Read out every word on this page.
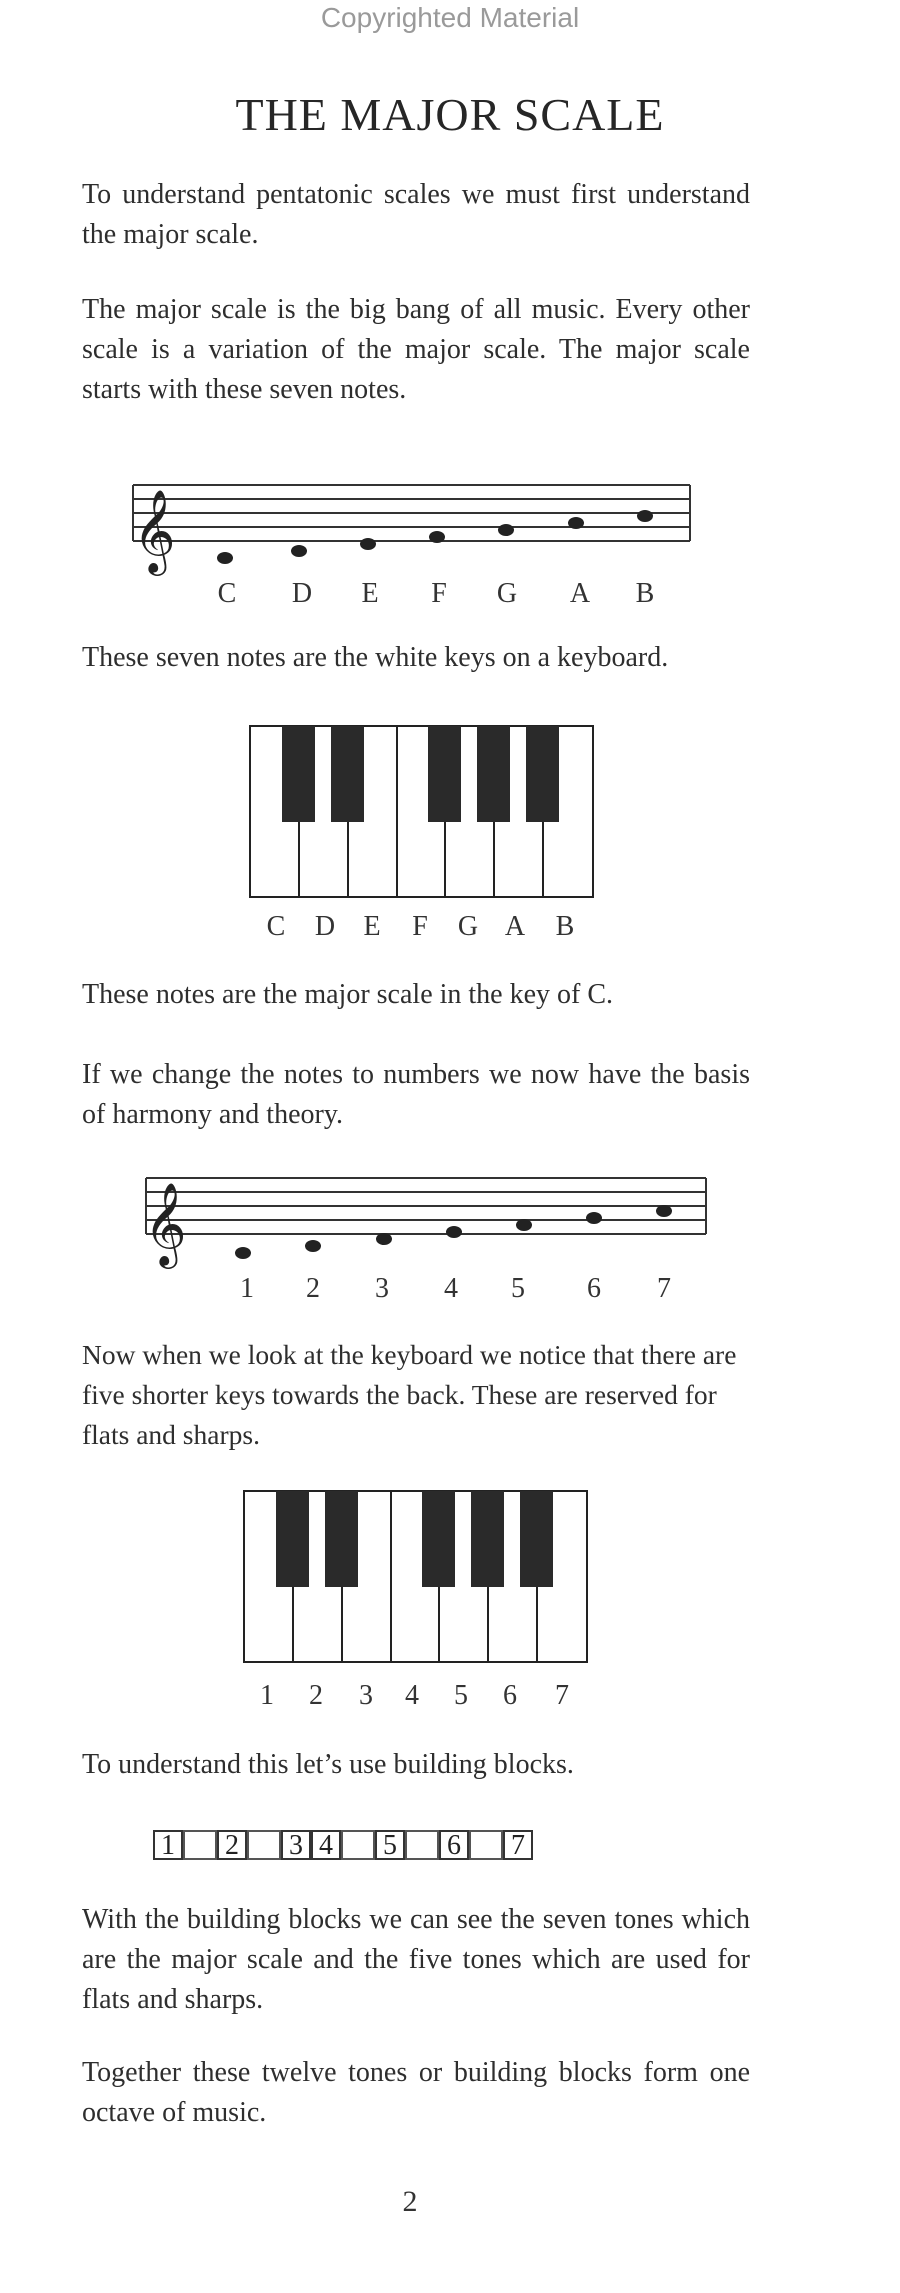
Copyrighted Material
THE MAJOR SCALE

To understand pentatonic scales we must first understand the major scale.

The major scale is the big bang of all music. Every other scale is a variation of the major scale. The major scale starts with these seven notes.

𝄞
C D E F G A B

These seven notes are the white keys on a keyboard.

C D E F G A B

These notes are the major scale in the key of C.

If we change the notes to numbers we now have the basis of harmony and theory.

𝄞
1 2 3 4 5 6 7

Now when we look at the keyboard we notice that there are five shorter keys towards the back. These are reserved for flats and sharps.

1 2 3 4 5 6 7

To understand this let’s use building blocks.

1 2 3 4 5 6 7

With the building blocks we can see the seven tones which are the major scale and the five tones which are used for flats and sharps.

Together these twelve tones or building blocks form one octave of music.

2
